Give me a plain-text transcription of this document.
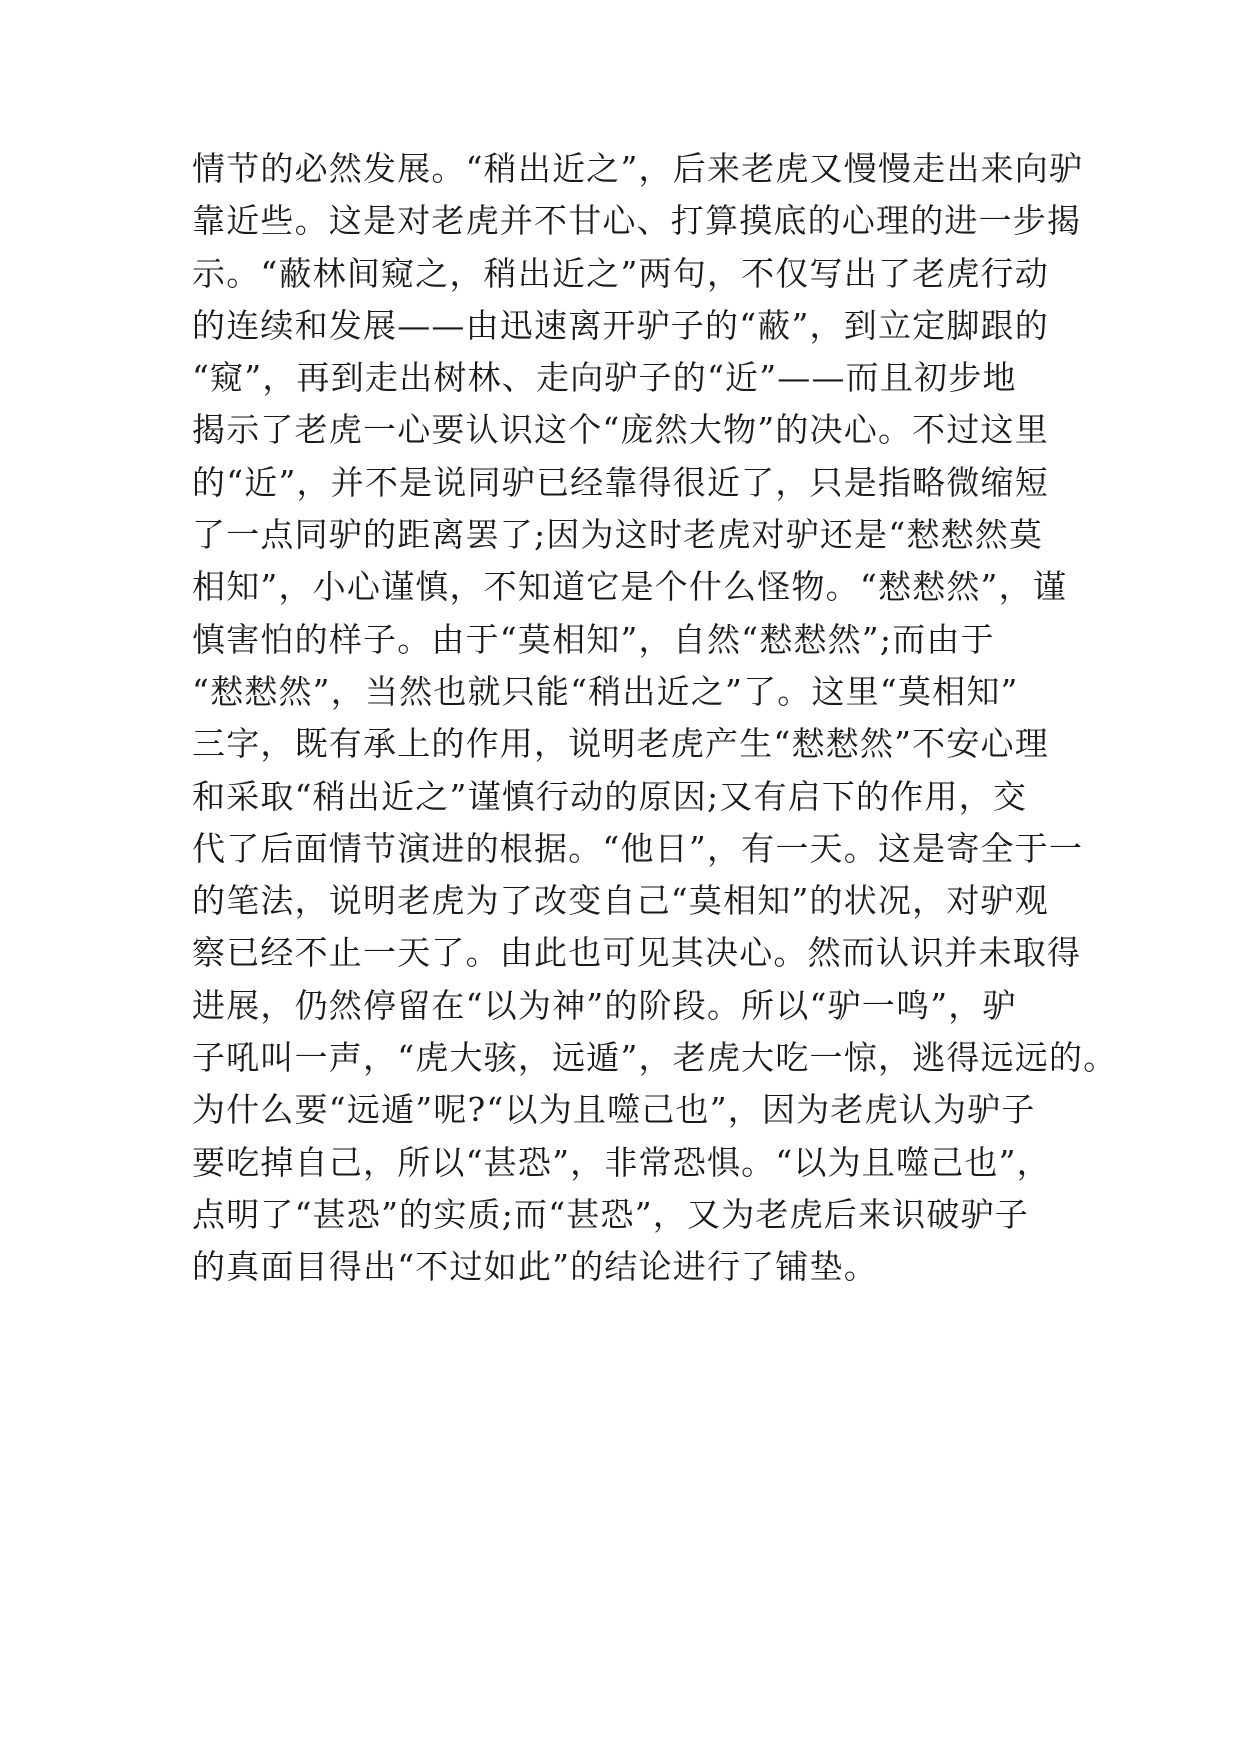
情节的必然发展。“稍出近之”，后来老虎又慢慢走出来向驴
靠近些。这是对老虎并不甘心、打算摸底的心理的进一步揭
示。“蔽林间窥之，稍出近之”两句，不仅写出了老虎行动
的连续和发展——由迅速离开驴子的“蔽”，到立定脚跟的
“窥”，再到走出树林、走向驴子的“近”——而且初步地
揭示了老虎一心要认识这个“庞然大物”的决心。不过这里
的“近”，并不是说同驴已经靠得很近了，只是指略微缩短
了一点同驴的距离罢了;因为这时老虎对驴还是“慭慭然莫
相知”，小心谨慎，不知道它是个什么怪物。“慭慭然”，谨
慎害怕的样子。由于“莫相知”，自然“慭慭然”;而由于
“慭慭然”，当然也就只能“稍出近之”了。这里“莫相知”
三字，既有承上的作用，说明老虎产生“慭慭然”不安心理
和采取“稍出近之”谨慎行动的原因;又有启下的作用，交
代了后面情节演进的根据。“他日”，有一天。这是寄全于一
的笔法，说明老虎为了改变自己“莫相知”的状况，对驴观
察已经不止一天了。由此也可见其决心。然而认识并未取得
进展，仍然停留在“以为神”的阶段。所以“驴一鸣”，驴
子吼叫一声，“虎大骇，远遁”，老虎大吃一惊，逃得远远的。
为什么要“远遁”呢?“以为且噬己也”，因为老虎认为驴子
要吃掉自己，所以“甚恐”，非常恐惧。“以为且噬己也”，
点明了“甚恐”的实质;而“甚恐”，又为老虎后来识破驴子
的真面目得出“不过如此”的结论进行了铺垫。
